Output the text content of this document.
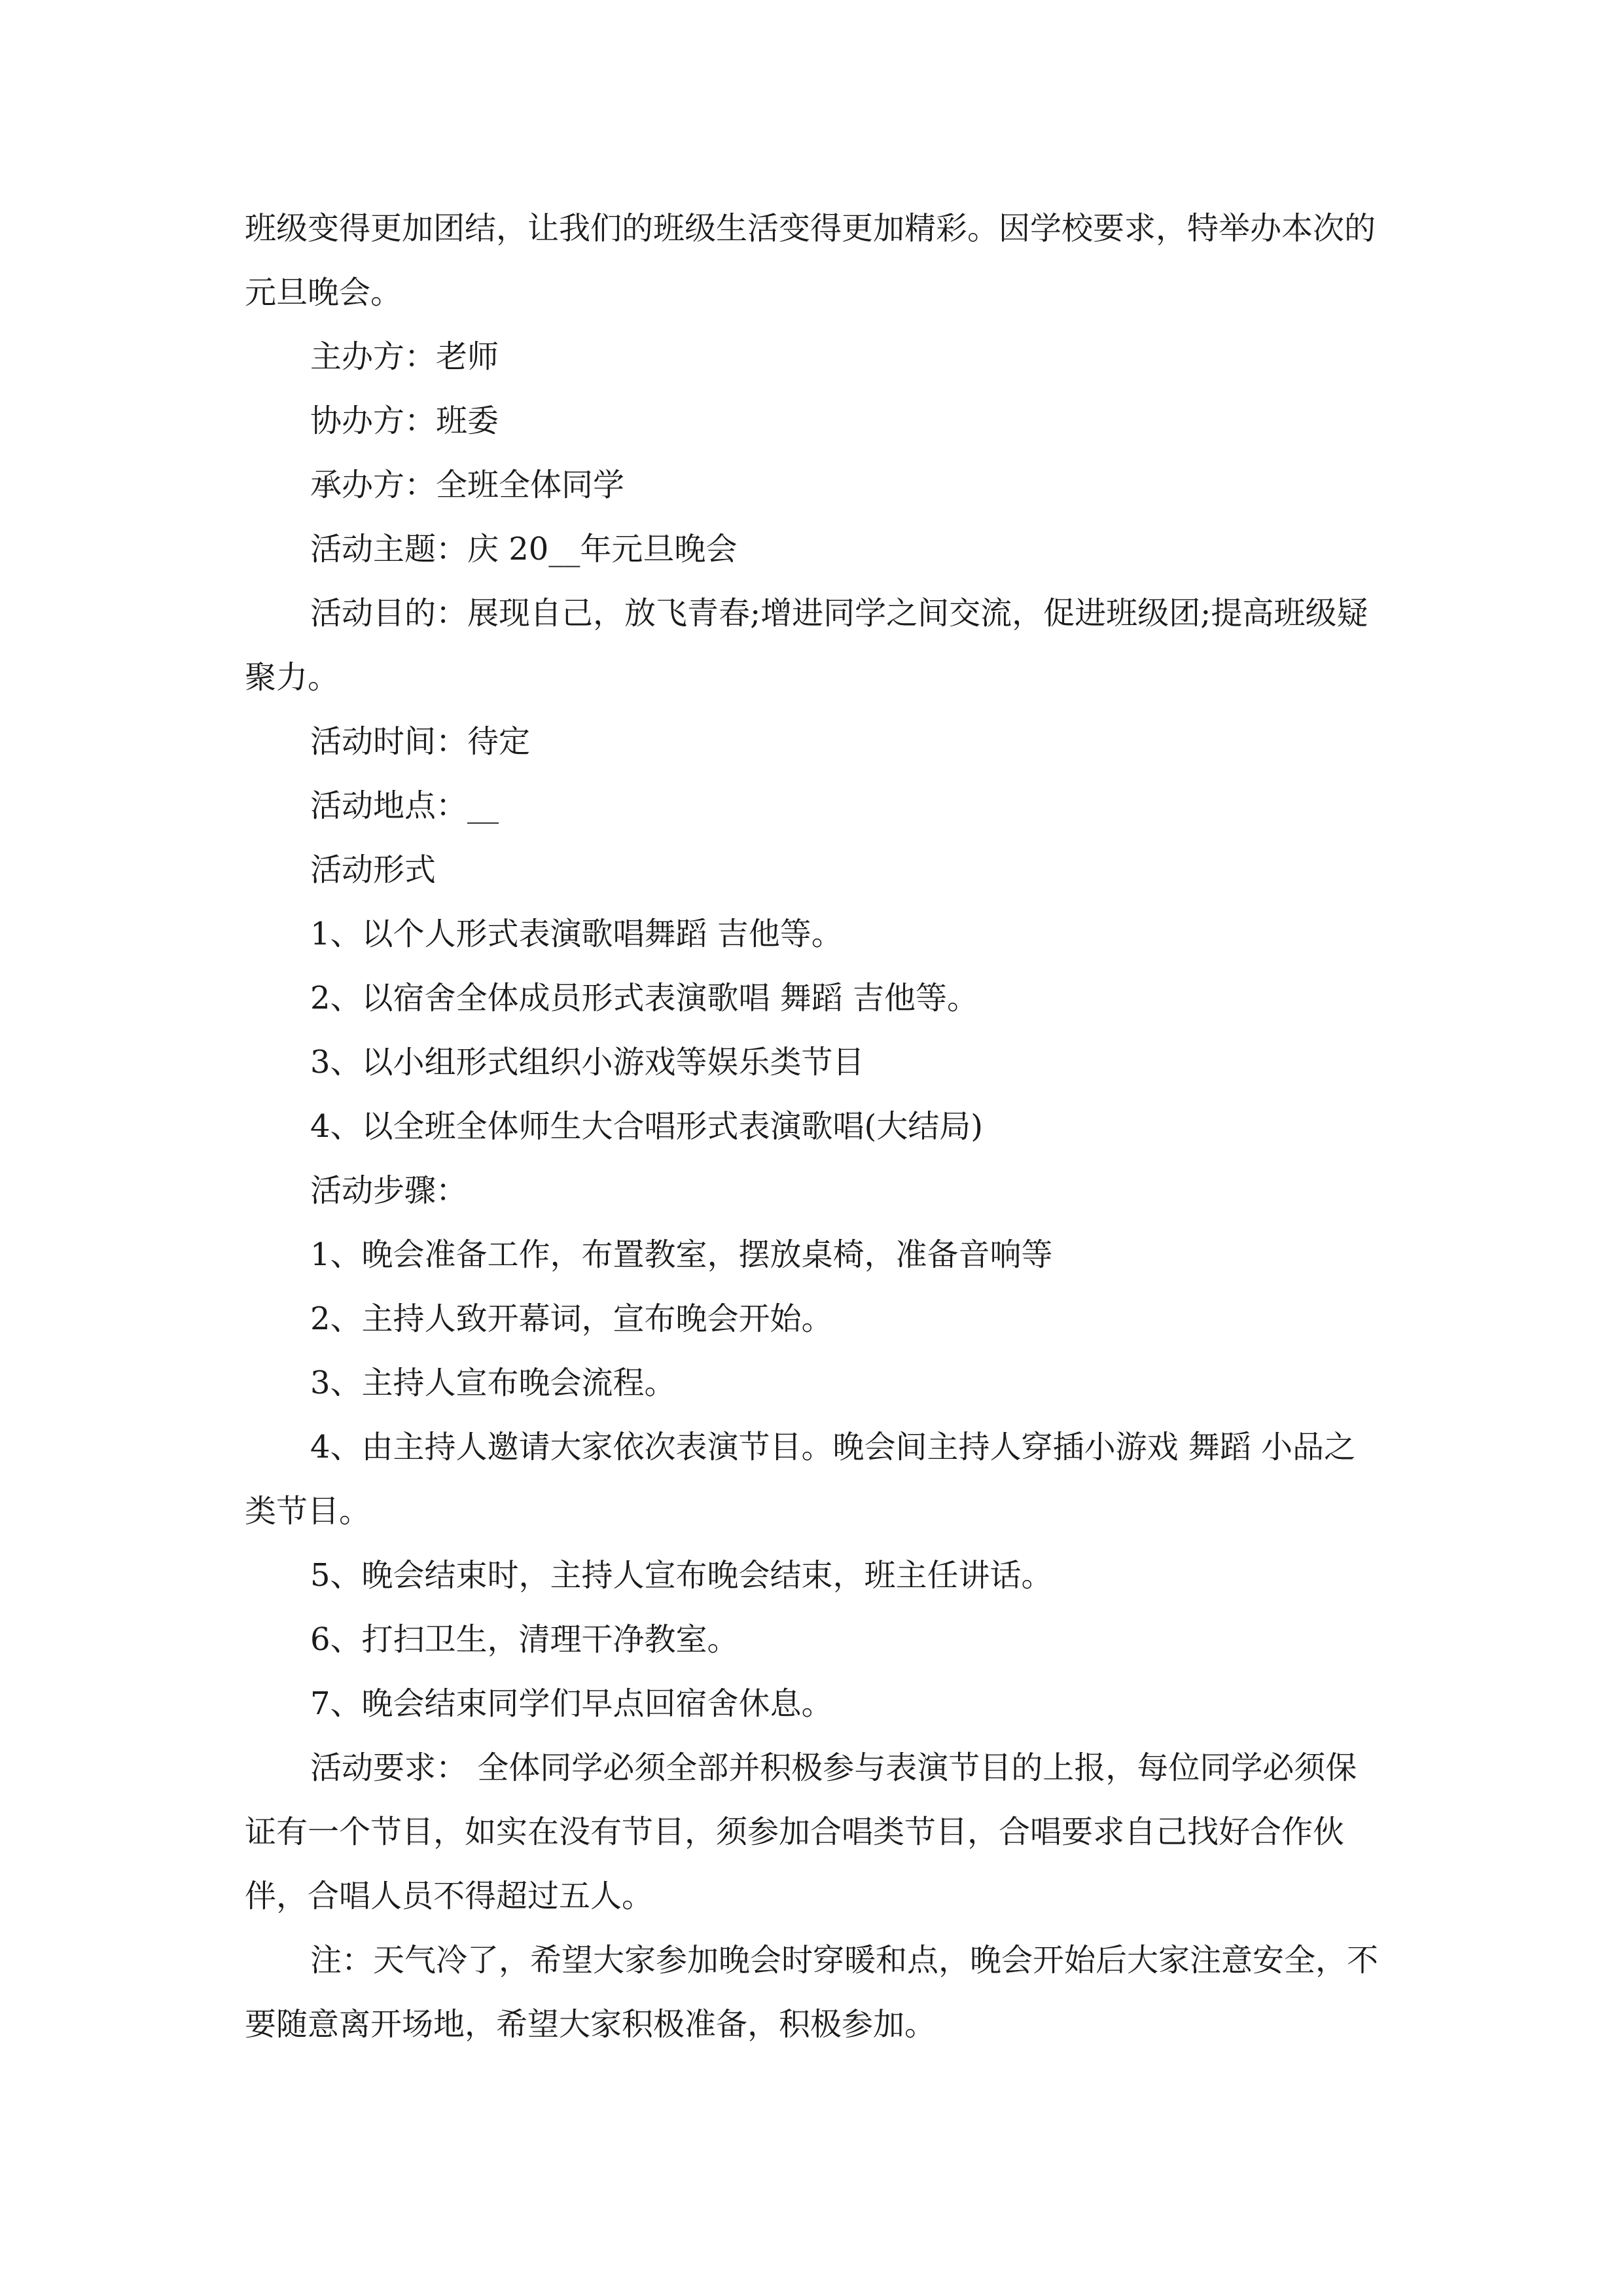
班级变得更加团结，让我们的班级生活变得更加精彩。因学校要求，特举办本次的元旦晚会。

主办方：老师

协办方：班委

承办方：全班全体同学

活动主题：庆 20__年元旦晚会

活动目的：展现自己，放飞青春;增进同学之间交流，促进班级团;提高班级疑聚力。

活动时间：待定

活动地点：__

活动形式

1、以个人形式表演歌唱舞蹈 吉他等。

2、以宿舍全体成员形式表演歌唱 舞蹈 吉他等。

3、以小组形式组织小游戏等娱乐类节目

4、以全班全体师生大合唱形式表演歌唱(大结局)

活动步骤：

1、晚会准备工作，布置教室，摆放桌椅，准备音响等

2、主持人致开幕词，宣布晚会开始。

3、主持人宣布晚会流程。

4、由主持人邀请大家依次表演节目。晚会间主持人穿插小游戏 舞蹈 小品之类节目。

5、晚会结束时，主持人宣布晚会结束，班主任讲话。

6、打扫卫生，清理干净教室。

7、晚会结束同学们早点回宿舍休息。

活动要求： 全体同学必须全部并积极参与表演节目的上报，每位同学必须保证有一个节目，如实在没有节目，须参加合唱类节目，合唱要求自己找好合作伙伴，合唱人员不得超过五人。

注：天气冷了，希望大家参加晚会时穿暖和点，晚会开始后大家注意安全，不要随意离开场地，希望大家积极准备，积极参加。
